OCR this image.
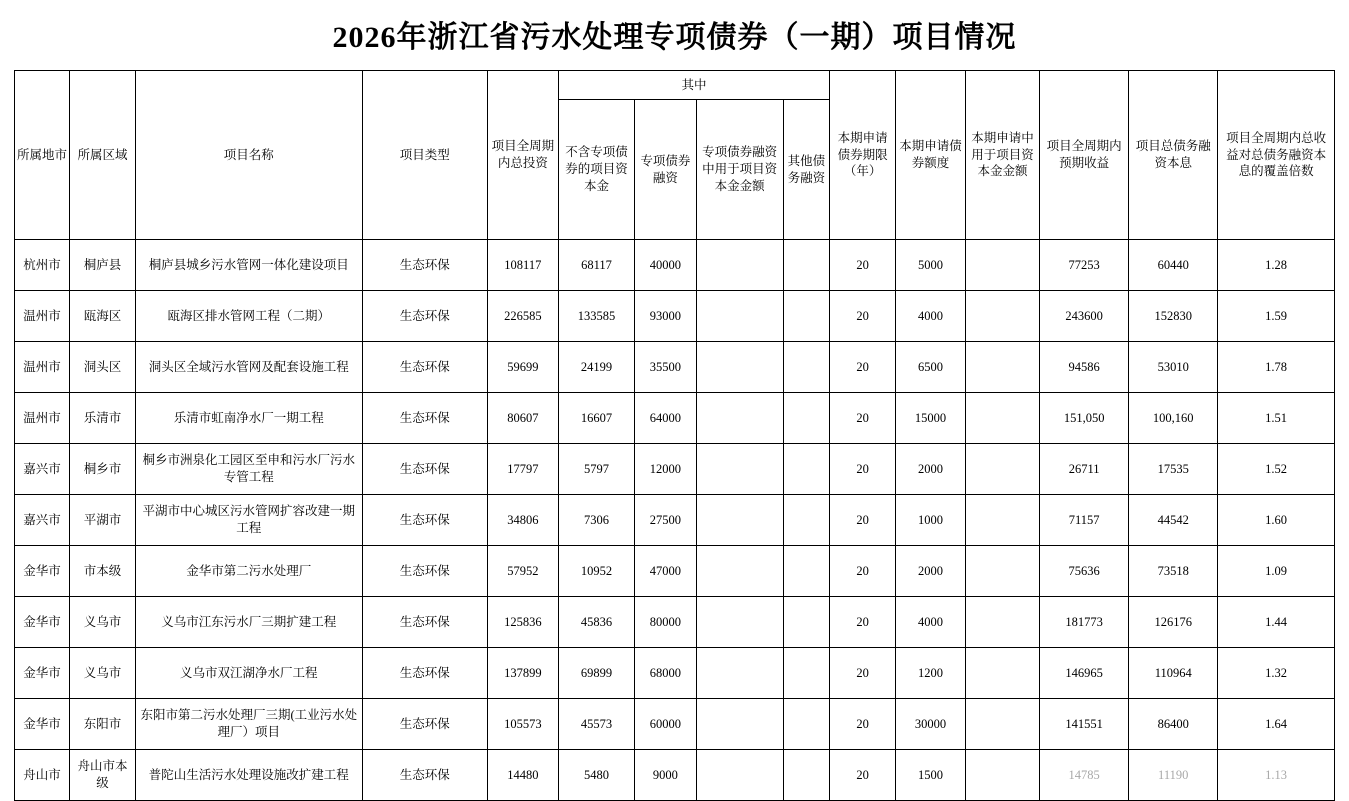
2026年浙江省污水处理专项债券（一期）项目情况
所属地市	所属区域	项目名称	项目类型	项目全周期内总投资	其中				本期申请债券期限（年）	本期申请债券额度	本期申请中用于项目资本金金额	项目全周期内预期收益	项目总债务融资本息	项目全周期内总收益对总债务融资本息的覆盖倍数
					不含专项债券的项目资本金	专项债券融资	专项债券融资中用于项目资本金金额	其他债务融资						
杭州市	桐庐县	桐庐县城乡污水管网一体化建设项目	生态环保	108117	68117	40000			20	5000		77253	60440	1.28
温州市	瓯海区	瓯海区排水管网工程（二期）	生态环保	226585	133585	93000			20	4000		243600	152830	1.59
温州市	洞头区	洞头区全域污水管网及配套设施工程	生态环保	59699	24199	35500			20	6500		94586	53010	1.78
温州市	乐清市	乐清市虹南净水厂一期工程	生态环保	80607	16607	64000			20	15000		151,050	100,160	1.51
嘉兴市	桐乡市	桐乡市洲泉化工园区至申和污水厂污水专管工程	生态环保	17797	5797	12000			20	2000		26711	17535	1.52
嘉兴市	平湖市	平湖市中心城区污水管网扩容改建一期工程	生态环保	34806	7306	27500			20	1000		71157	44542	1.60
金华市	市本级	金华市第二污水处理厂	生态环保	57952	10952	47000			20	2000		75636	73518	1.09
金华市	义乌市	义乌市江东污水厂三期扩建工程	生态环保	125836	45836	80000			20	4000		181773	126176	1.44
金华市	义乌市	义乌市双江湖净水厂工程	生态环保	137899	69899	68000			20	1200		146965	110964	1.32
金华市	东阳市	东阳市第二污水处理厂三期(工业污水处理厂）项目	生态环保	105573	45573	60000			20	30000		141551	86400	1.64
舟山市	舟山市本级	普陀山生活污水处理设施改扩建工程	生态环保	14480	5480	9000			20	1500		14785	11190	1.13
